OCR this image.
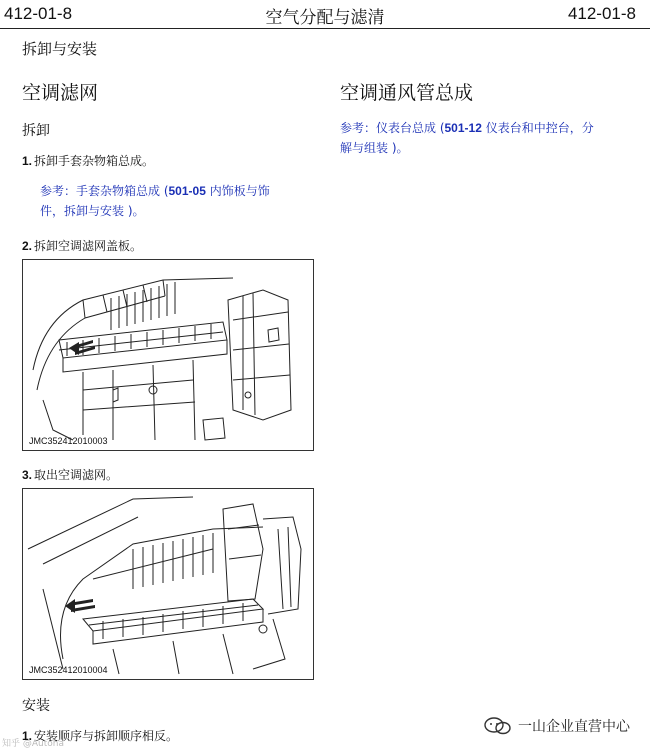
412-01-8	空气分配与滤清	412-01-8
拆卸与安装
空调滤网
拆卸
1. 拆卸手套杂物箱总成。
参考：手套杂物箱总成 (501-05 内饰板与饰
件，拆卸与安装 )。
2. 拆卸空调滤网盖板。
JMC352412010003
3. 取出空调滤网。
JMC352412010004
安装
1. 安装顺序与拆卸顺序相反。
空调通风管总成
参考：仪表台总成 (501-12 仪表台和中控台，分
解与组装 )。
一山企业直营中心
知乎 @Autoha
